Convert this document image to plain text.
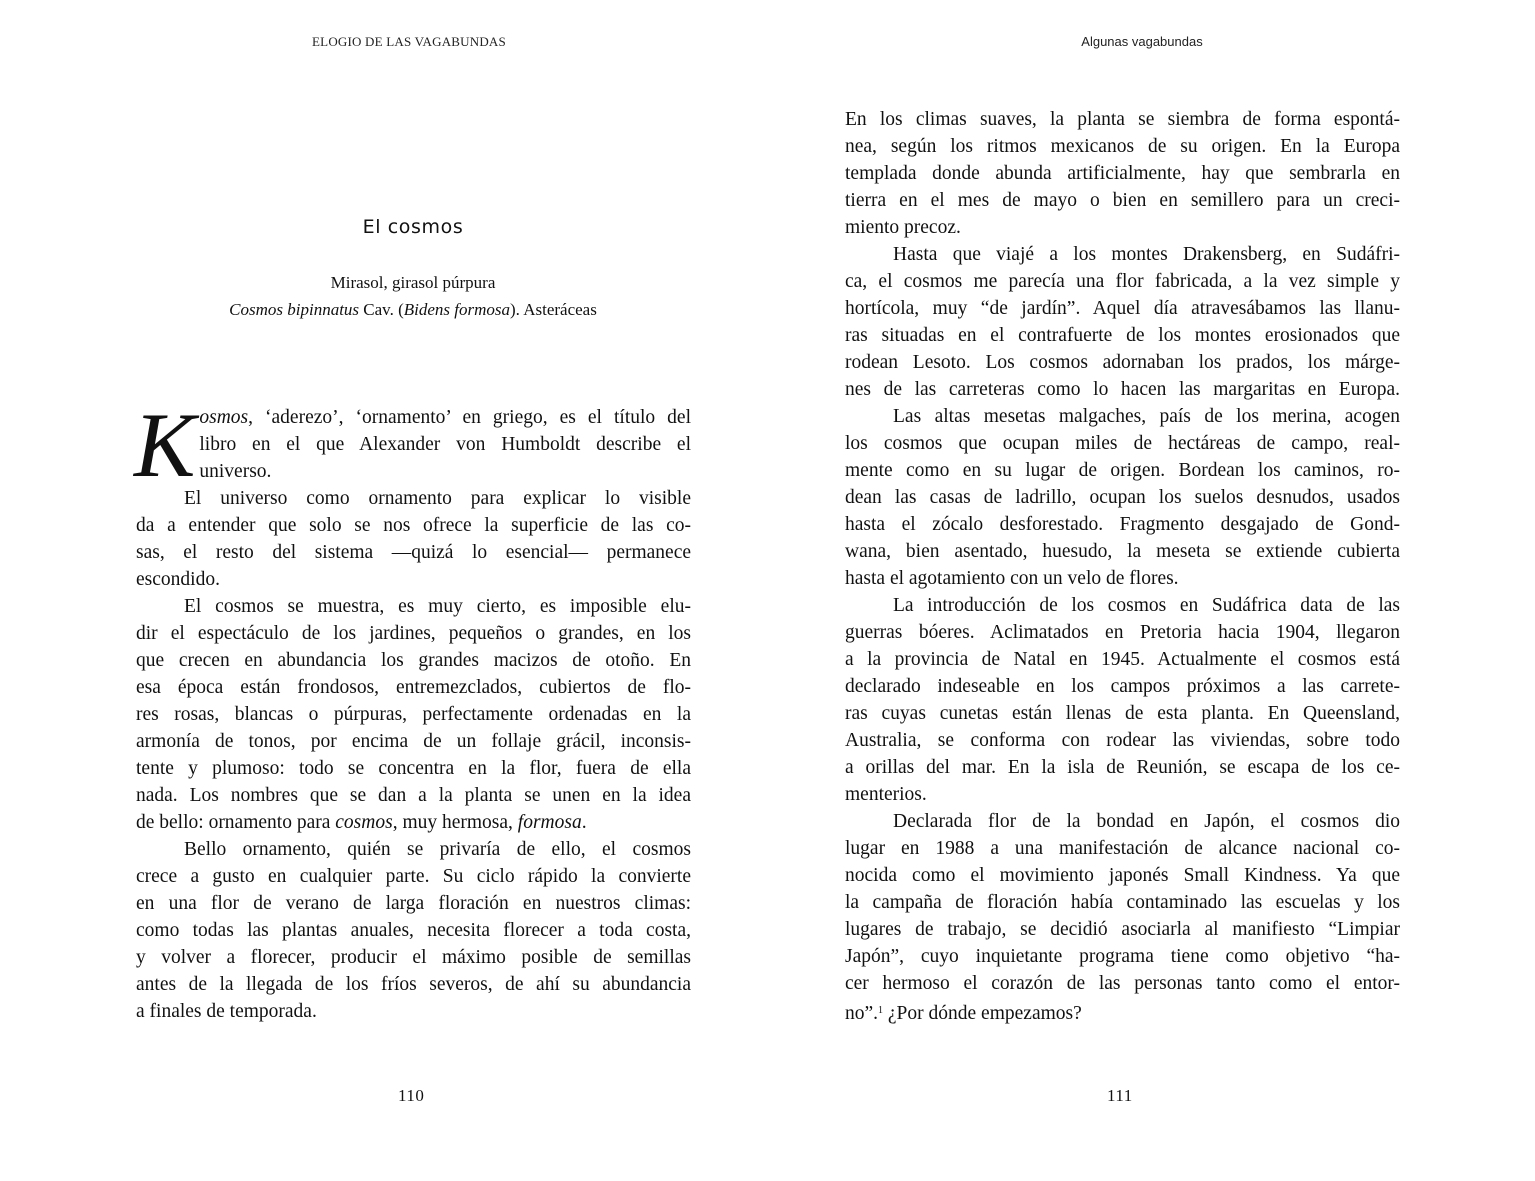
ELOGIO DE LAS VAGABUNDAS
El cosmos
Mirasol, girasol púrpura
Cosmos bipinnatus Cav. (Bidens formosa). Asteráceas

K osmos, ‘aderezo’, ‘ornamento’ en griego, es el título del
libro en el que Alexander von Humboldt describe el
universo.

El universo como ornamento para explicar lo visible

da a entender que solo se nos ofrece la superficie de las co-
sas, el resto del sistema —quizá lo esencial— permanece
escondido.

El cosmos se muestra, es muy cierto, es imposible elu-

dir el espectáculo de los jardines, pequeños o grandes, en los
que crecen en abundancia los grandes macizos de otoño. En
esa época están frondosos, entremezclados, cubiertos de flo-
res rosas, blancas o púrpuras, perfectamente ordenadas en la
armonía de tonos, por encima de un follaje grácil, inconsis-
tente y plumoso: todo se concentra en la flor, fuera de ella
nada. Los nombres que se dan a la planta se unen en la idea
de bello: ornamento para cosmos, muy hermosa, formosa.

Bello ornamento, quién se privaría de ello, el cosmos

crece a gusto en cualquier parte. Su ciclo rápido la convierte
en una flor de verano de larga floración en nuestros climas:
como todas las plantas anuales, necesita florecer a toda costa,
y volver a florecer, producir el máximo posible de semillas
antes de la llegada de los fríos severos, de ahí su abundancia
a finales de temporada.

110
Algunas vagabundas

En los climas suaves, la planta se siembra de forma espontá-
nea, según los ritmos mexicanos de su origen. En la Europa
templada donde abunda artificialmente, hay que sembrarla en
tierra en el mes de mayo o bien en semillero para un creci-
miento precoz.

Hasta que viajé a los montes Drakensberg, en Sudáfri-

ca, el cosmos me parecía una flor fabricada, a la vez simple y
hortícola, muy “de jardín”. Aquel día atravesábamos las llanu-
ras situadas en el contrafuerte de los montes erosionados que
rodean Lesoto. Los cosmos adornaban los prados, los márge-
nes de las carreteras como lo hacen las margaritas en Europa.

Las altas mesetas malgaches, país de los merina, acogen

los cosmos que ocupan miles de hectáreas de campo, real-
mente como en su lugar de origen. Bordean los caminos, ro-
dean las casas de ladrillo, ocupan los suelos desnudos, usados
hasta el zócalo desforestado. Fragmento desgajado de Gond-
wana, bien asentado, huesudo, la meseta se extiende cubierta
hasta el agotamiento con un velo de flores.

La introducción de los cosmos en Sudáfrica data de las

guerras bóeres. Aclimatados en Pretoria hacia 1904, llegaron
a la provincia de Natal en 1945. Actualmente el cosmos está
declarado indeseable en los campos próximos a las carrete-
ras cuyas cunetas están llenas de esta planta. En Queensland,
Australia, se conforma con rodear las viviendas, sobre todo
a orillas del mar. En la isla de Reunión, se escapa de los ce-
menterios.

Declarada flor de la bondad en Japón, el cosmos dio

lugar en 1988 a una manifestación de alcance nacional co-
nocida como el movimiento japonés Small Kindness. Ya que
la campaña de floración había contaminado las escuelas y los
lugares de trabajo, se decidió asociarla al manifiesto “Limpiar
Japón”, cuyo inquietante programa tiene como objetivo “ha-
cer hermoso el corazón de las personas tanto como el entor-
no”.$^1$ ¿Por dónde empezamos?

111
